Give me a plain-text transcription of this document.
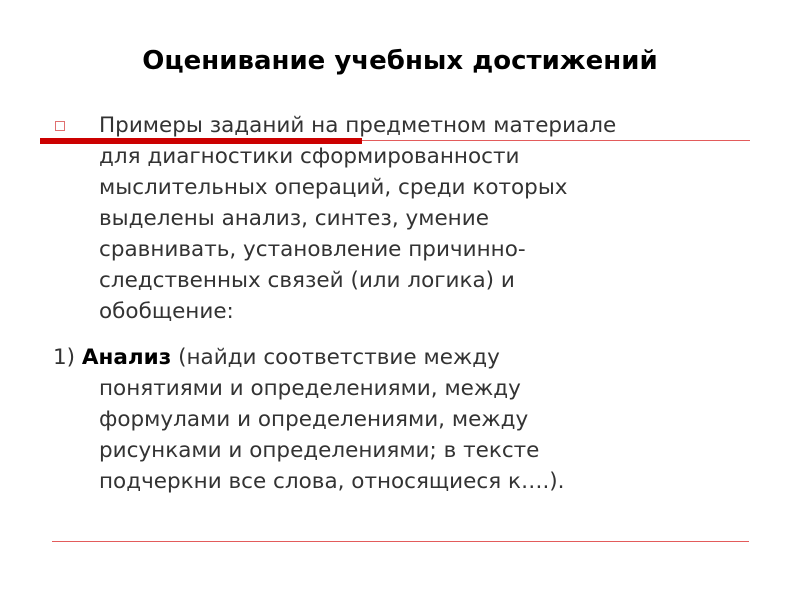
Оценивание учебных достижений
Примеры заданий на предметном материале
для диагностики сформированности
мыслительных операций, среди которых
выделены анализ, синтез, умение
сравнивать, установление причинно-
следственных связей (или логика) и
обобщение:
1) Анализ (найди соответствие между
понятиями и определениями, между
формулами и определениями, между
рисунками и определениями; в тексте
подчеркни все слова, относящиеся к….).
